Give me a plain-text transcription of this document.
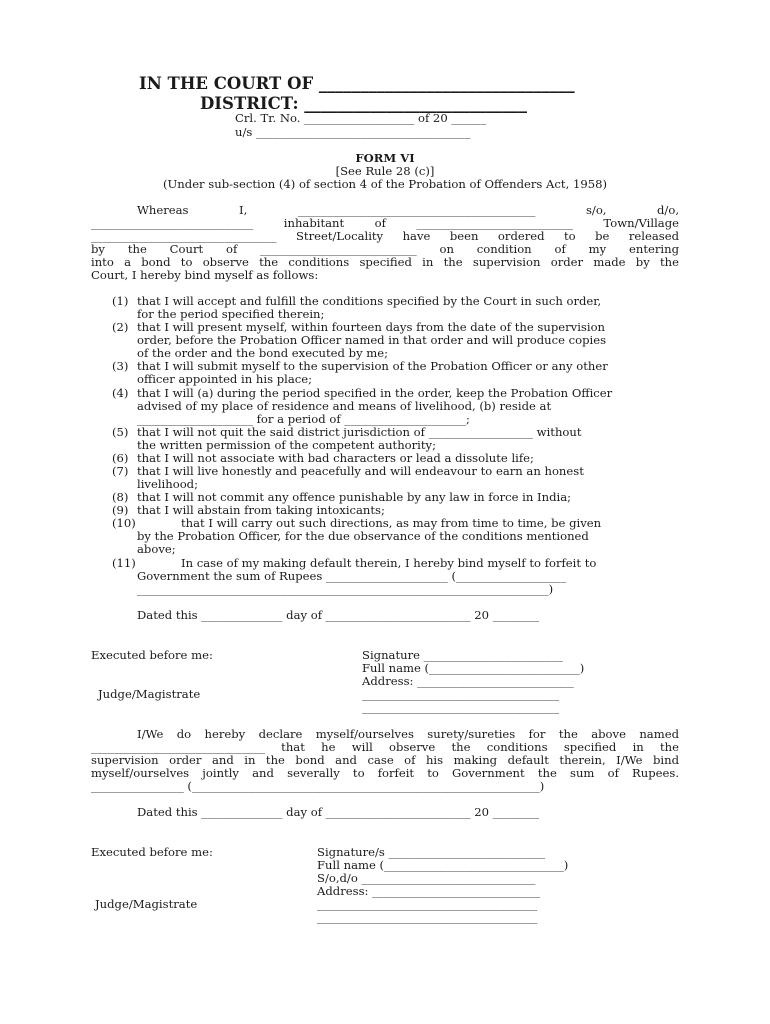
IN THE COURT OF _______________________________
DISTRICT: ___________________________
Crl. Tr. No. ___________________ of 20 ______
u/s _____________________________________
FORM VI
[See Rule 28 (c)]
(Under sub-section (4) of section 4 of the Probation of Offenders Act, 1958)
Whereas I, _________________________________________ s/o, d/o,
____________________________ inhabitant of ___________________________ Town/Village
________________________________ Street/Locality have been ordered to be released
by the Court of ___________________________ on condition of my entering
into a bond to observe the conditions specified in the supervision order made by the
Court, I hereby bind myself as follows:
(1) that I will accept and fulfill the conditions specified by the Court in such order,
for the period specified therein;
(2) that I will present myself, within fourteen days from the date of the supervision
order, before the Probation Officer named in that order and will produce copies
of the order and the bond executed by me;
(3) that I will submit myself to the supervision of the Probation Officer or any other
officer appointed in his place;
(4) that I will (a) during the period specified in the order, keep the Probation Officer
advised of my place of residence and means of livelihood, (b) reside at
____________________ for a period of _____________________;
(5) that I will not quit the said district jurisdiction of __________________ without
the written permission of the competent authority;
(6) that I will not associate with bad characters or lead a dissolute life;
(7) that I will live honestly and peacefully and will endeavour to earn an honest
livelihood;
(8) that I will not commit any offence punishable by any law in force in India;
(9) that I will abstain from taking intoxicants;
(10)	that I will carry out such directions, as may from time to time, be given
by the Probation Officer, for the due observance of the conditions mentioned
above;
(11)	In case of my making default therein, I hereby bind myself to forfeit to
Government the sum of Rupees _____________________ (___________________
_______________________________________________________________________)
Dated this ______________ day of _________________________ 20 ________
Executed before me:
Judge/Magistrate
Signature ________________________
Full name (__________________________)
Address: ___________________________
__________________________________
__________________________________
I/We do hereby declare myself/ourselves surety/sureties for the above named
______________________________ that he will observe the conditions specified in the
supervision order and in the bond and case of his making default therein, I/We bind
myself/ourselves jointly and severally to forfeit to Government the sum of Rupees.
________________ (____________________________________________________________)
Dated this ______________ day of _________________________ 20 ________
Executed before me:
Judge/Magistrate
Signature/s ___________________________
Full name (_______________________________)
S/o,d/o ______________________________
Address: _____________________________
______________________________________
______________________________________
